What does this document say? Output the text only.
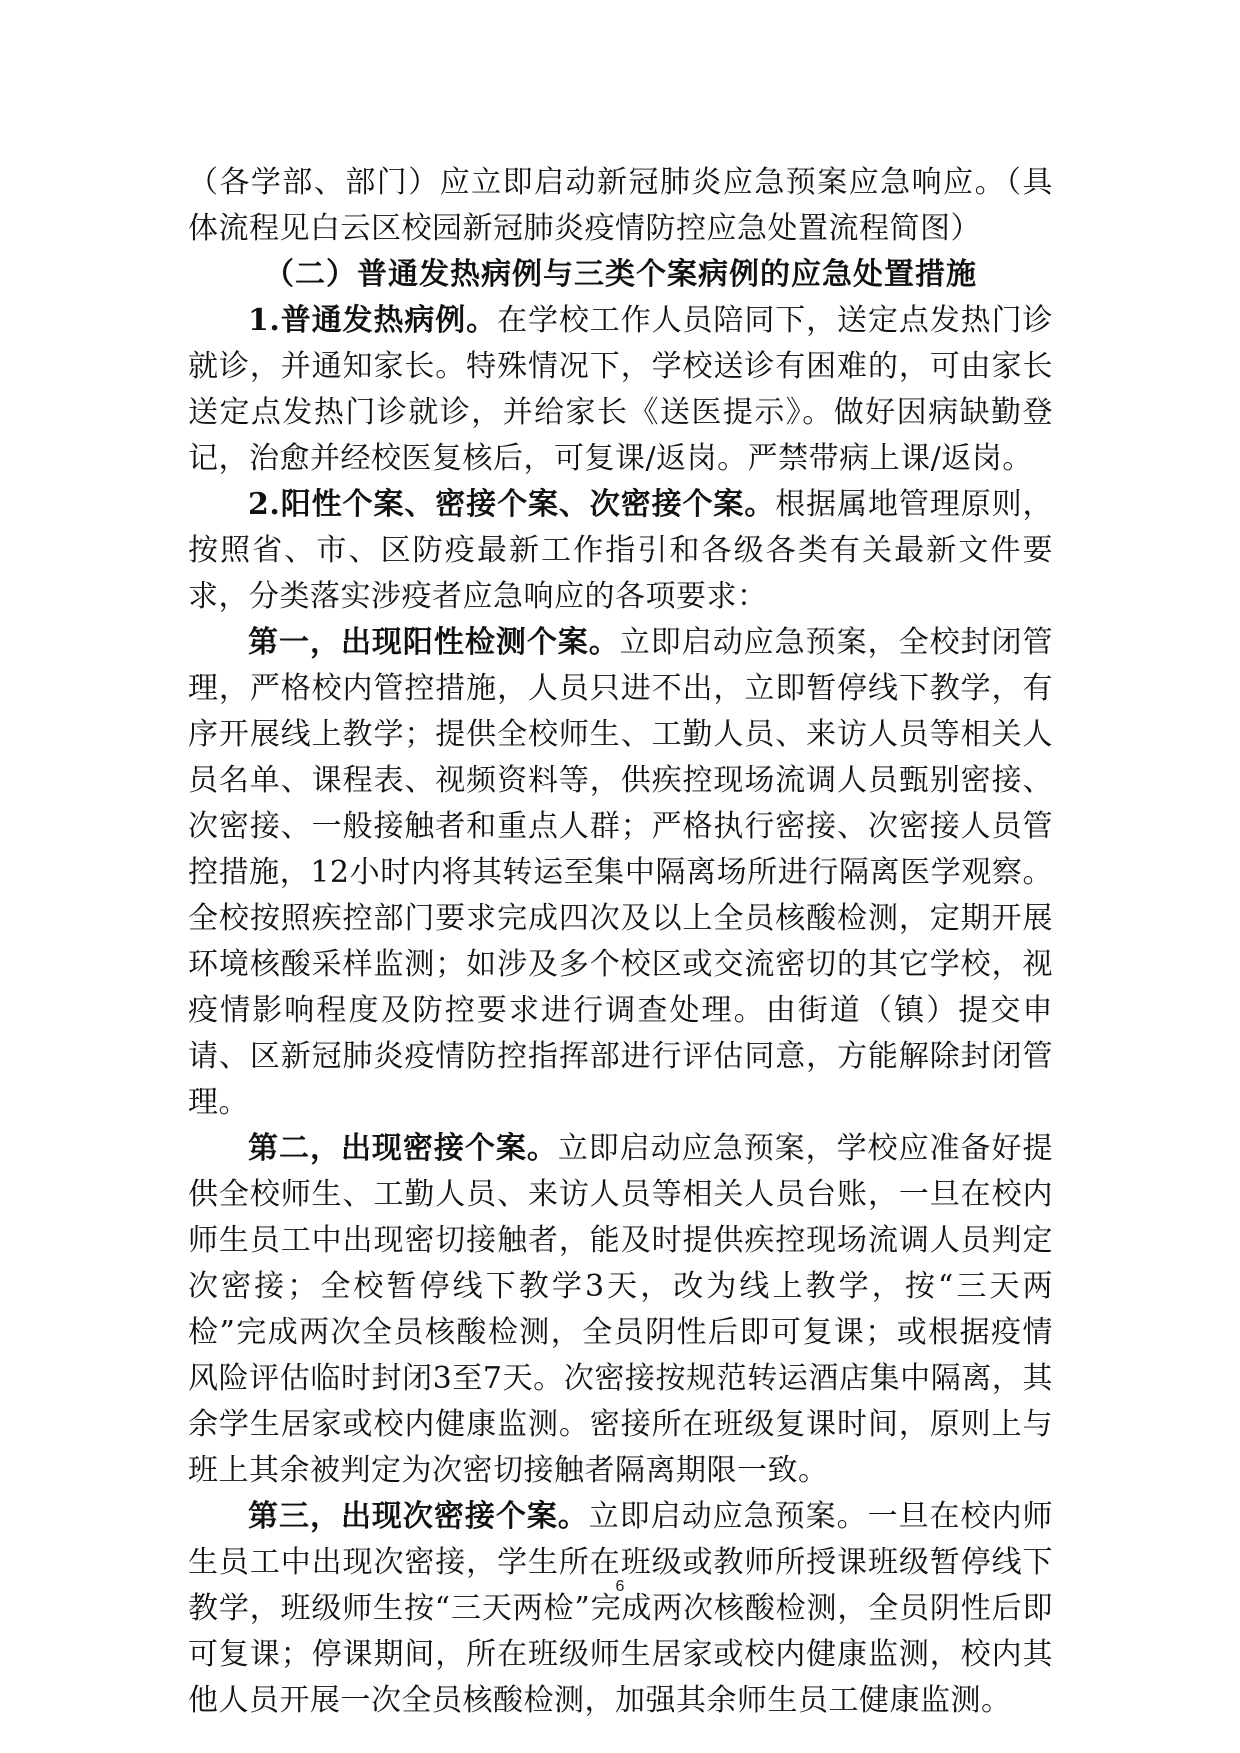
（各学部、部门）应立即启动新冠肺炎应急预案应急响应。（具体流程见白云区校园新冠肺炎疫情防控应急处置流程简图）

（二）普通发热病例与三类个案病例的应急处置措施

1.普通发热病例。在学校工作人员陪同下，送定点发热门诊就诊，并通知家长。特殊情况下，学校送诊有困难的，可由家长送定点发热门诊就诊，并给家长《送医提示》。做好因病缺勤登记，治愈并经校医复核后，可复课/返岗。严禁带病上课/返岗。

2.阳性个案、密接个案、次密接个案。根据属地管理原则，按照省、市、区防疫最新工作指引和各级各类有关最新文件要求，分类落实涉疫者应急响应的各项要求：

第一，出现阳性检测个案。立即启动应急预案，全校封闭管理，严格校内管控措施，人员只进不出，立即暂停线下教学，有序开展线上教学；提供全校师生、工勤人员、来访人员等相关人员名单、课程表、视频资料等，供疾控现场流调人员甄别密接、次密接、一般接触者和重点人群；严格执行密接、次密接人员管控措施，12小时内将其转运至集中隔离场所进行隔离医学观察。全校按照疾控部门要求完成四次及以上全员核酸检测，定期开展环境核酸采样监测；如涉及多个校区或交流密切的其它学校，视疫情影响程度及防控要求进行调查处理。由街道（镇）提交申请、区新冠肺炎疫情防控指挥部进行评估同意，方能解除封闭管理。

第二，出现密接个案。立即启动应急预案，学校应准备好提供全校师生、工勤人员、来访人员等相关人员台账，一旦在校内师生员工中出现密切接触者，能及时提供疾控现场流调人员判定次密接；全校暂停线下教学3天，改为线上教学，按“三天两检”完成两次全员核酸检测，全员阴性后即可复课；或根据疫情风险评估临时封闭3至7天。次密接按规范转运酒店集中隔离，其余学生居家或校内健康监测。密接所在班级复课时间，原则上与班上其余被判定为次密切接触者隔离期限一致。

第三，出现次密接个案。立即启动应急预案。一旦在校内师生员工中出现次密接，学生所在班级或教师所授课班级暂停线下教学，班级师生按“三天两检”完成两次核酸检测，全员阴性后即可复课；停课期间，所在班级师生居家或校内健康监测，校内其他人员开展一次全员核酸检测，加强其余师生员工健康监测。

6
